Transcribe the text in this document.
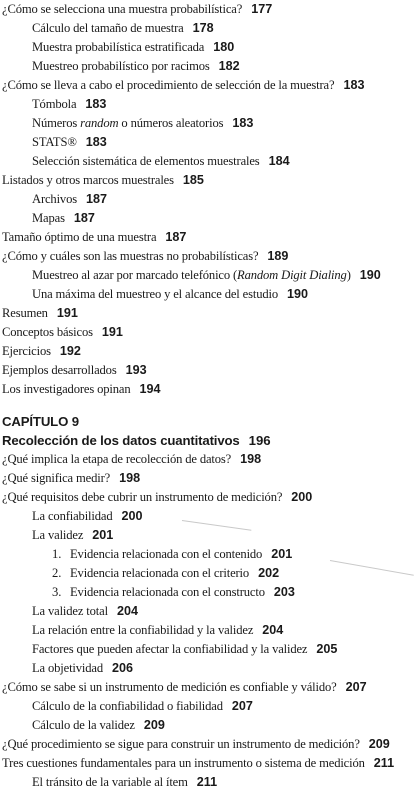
¿Cómo se selecciona una muestra probabilística? 177
Cálculo del tamaño de muestra 178
Muestra probabilística estratificada 180
Muestreo probabilístico por racimos 182
¿Cómo se lleva a cabo el procedimiento de selección de la muestra? 183
Tómbola 183
Números random o números aleatorios 183
STATS® 183
Selección sistemática de elementos muestrales 184
Listados y otros marcos muestrales 185
Archivos 187
Mapas 187
Tamaño óptimo de una muestra 187
¿Cómo y cuáles son las muestras no probabilísticas? 189
Muestreo al azar por marcado telefónico (Random Digit Dialing) 190
Una máxima del muestreo y el alcance del estudio 190
Resumen 191
Conceptos básicos 191
Ejercicios 192
Ejemplos desarrollados 193
Los investigadores opinan 194
CAPÍTULO 9
Recolección de los datos cuantitativos 196
¿Qué implica la etapa de recolección de datos? 198
¿Qué significa medir? 198
¿Qué requisitos debe cubrir un instrumento de medición? 200
La confiabilidad 200
La validez 201
1. Evidencia relacionada con el contenido 201
2. Evidencia relacionada con el criterio 202
3. Evidencia relacionada con el constructo 203
La validez total 204
La relación entre la confiabilidad y la validez 204
Factores que pueden afectar la confiabilidad y la validez 205
La objetividad 206
¿Cómo se sabe si un instrumento de medición es confiable y válido? 207
Cálculo de la confiabilidad o fiabilidad 207
Cálculo de la validez 209
¿Qué procedimiento se sigue para construir un instrumento de medición? 209
Tres cuestiones fundamentales para un instrumento o sistema de medición 211
El tránsito de la variable al ítem 211
